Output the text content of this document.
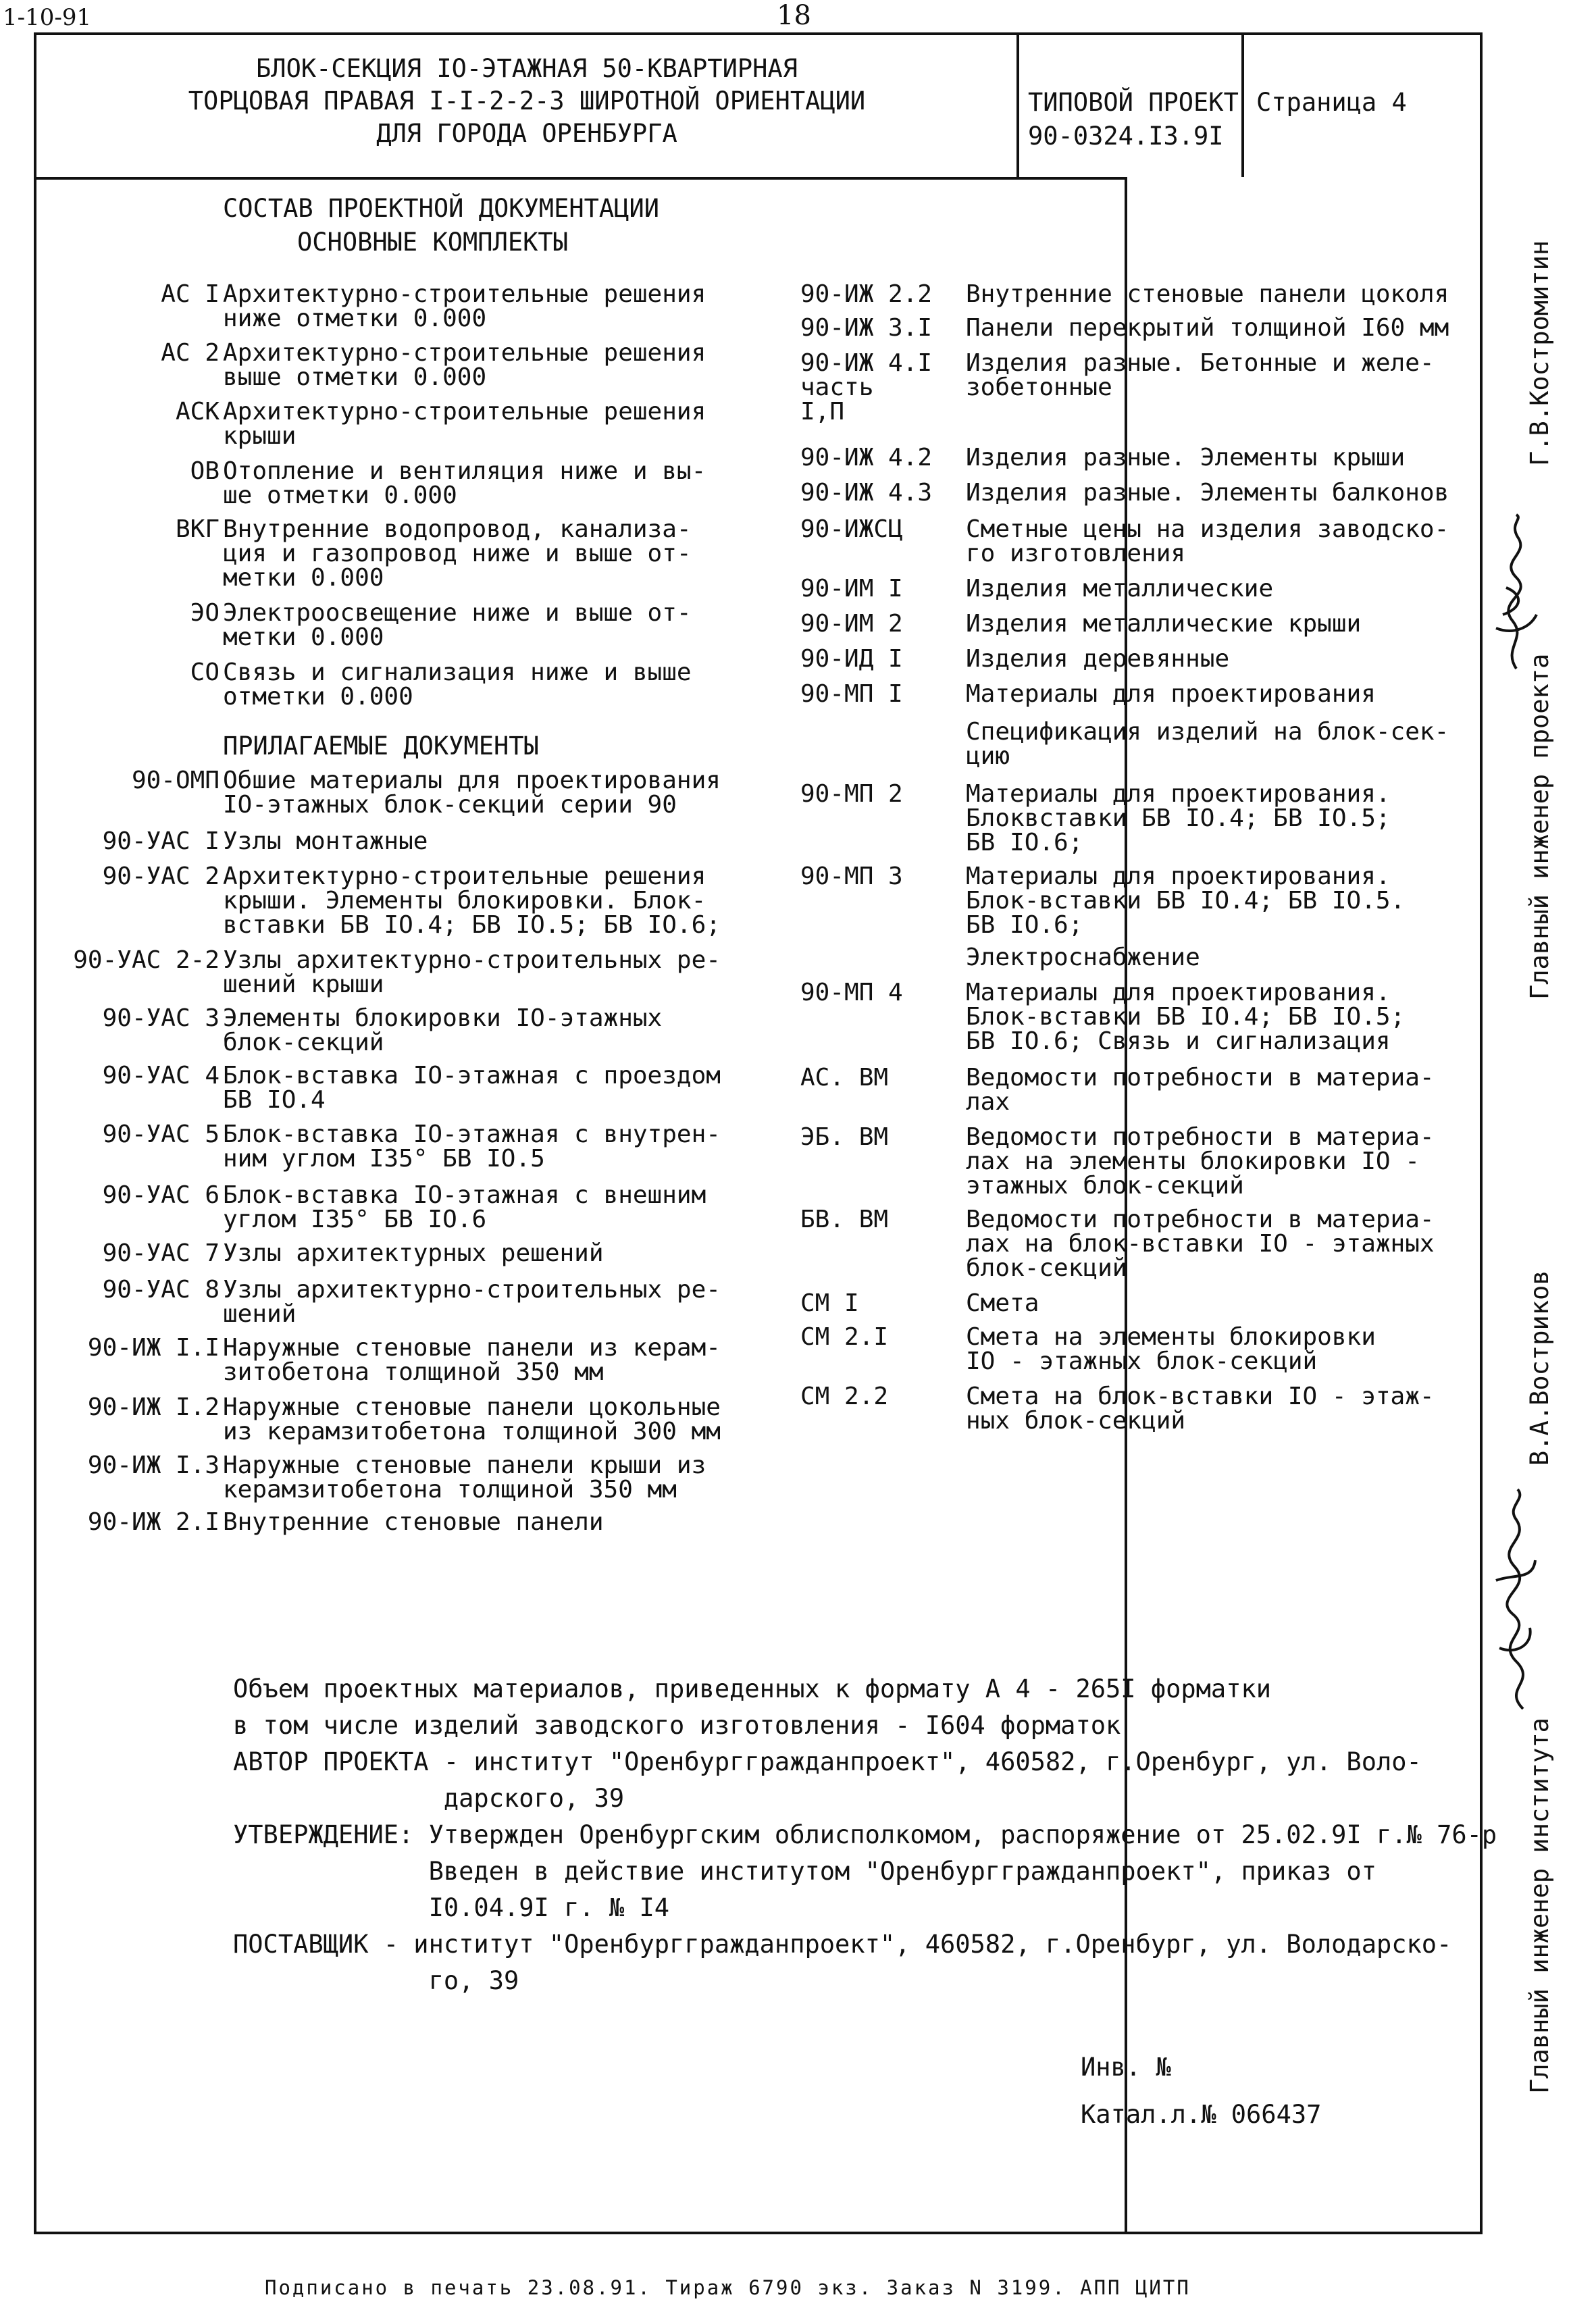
1-10-91	18
БЛОК-СЕКЦИЯ IO-ЭТАЖНАЯ 50-КВАРТИРНАЯ
ТОРЦОВАЯ ПРАВАЯ I-I-2-2-3 ШИРОТНОЙ ОРИЕНТАЦИИ
ДЛЯ ГОРОДА ОРЕНБУРГА
ТИПОВОЙ ПРОЕКТ
90-0324.I3.9I
Страница 4
СОСТАВ ПРОЕКТНОЙ ДОКУМЕНТАЦИИ
ОСНОВНЫЕ КОМПЛЕКТЫ
ПРИЛАГАЕМЫЕ ДОКУМЕНТЫ
АС I Архитектурно-строительные решения
ниже отметки 0.000
АС 2 Архитектурно-строительные решения
выше отметки 0.000
АСК Архитектурно-строительные решения
крыши
ОВ Отопление и вентиляция ниже и вы-
ше отметки 0.000
ВКГ Внутренние водопровод, канализа-
ция и газопровод ниже и выше от-
метки 0.000
ЭО Электроосвещение ниже и выше от-
метки 0.000
СО Связь и сигнализация ниже и выше
отметки 0.000
90-ОМП Обшие материалы для проектирования
IO-этажных блок-секций серии 90
90-УАС I Узлы монтажные
90-УАС 2 Архитектурно-строительные решения
крыши. Элементы блокировки. Блок-
вставки БВ IO.4; БВ IO.5; БВ IO.6;
90-УАС 2-2 Узлы архитектурно-строительных ре-
шений крыши
90-УАС 3 Элементы блокировки IO-этажных
блок-секций
90-УАС 4 Блок-вставка IO-этажная с проездом
БВ IO.4
90-УАС 5 Блок-вставка IO-этажная с внутрен-
ним углом I35° БВ IO.5
90-УАС 6 Блок-вставка IO-этажная с внешним
углом I35° БВ IO.6
90-УАС 7 Узлы архитектурных решений
90-УАС 8 Узлы архитектурно-строительных ре-
шений
90-ИЖ I.I Наружные стеновые панели из керам-
зитобетона толщиной 350 мм
90-ИЖ I.2 Наружные стеновые панели цокольные
из керамзитобетона толщиной 300 мм
90-ИЖ I.3 Наружные стеновые панели крыши из
керамзитобетона толщиной 350 мм
90-ИЖ 2.I Внутренние стеновые панели
90-ИЖ 2.2 Внутренние стеновые панели цоколя
90-ИЖ 3.I Панели перекрытий толщиной I60 мм
90-ИЖ 4.I
часть
I,П
Изделия разные. Бетонные и желе-
зобетонные
90-ИЖ 4.2 Изделия разные. Элементы крыши
90-ИЖ 4.3 Изделия разные. Элементы балконов
90-ИЖСЦ	Сметные цены на изделия заводско-
го изготовления
90-ИМ I	Изделия металлические
90-ИМ 2	Изделия металлические крыши
90-ИД I	Изделия деревянные
90-МП I	Материалы для проектирования
Спецификация изделий на блок-сек-
цию
90-МП 2	Материалы для проектирования.
Блоквставки БВ IO.4; БВ IO.5;
БВ IO.6;
90-МП 3	Материалы для проектирования.
Блок-вставки БВ IO.4; БВ IO.5.
БВ IO.6;
Электроснабжение
90-МП 4	Материалы для проектирования.
Блок-вставки БВ IO.4; БВ IO.5;
БВ IO.6; Связь и сигнализация
АС. ВМ	Ведомости потребности в материа-
лах
ЭБ. ВМ	Ведомости потребности в материа-
лах на элементы блокировки IO -
этажных блок-секций
БВ. ВМ	Ведомости потребности в материа-
лах на блок-вставки IO - этажных
блок-секций
СМ I	Смета
СМ 2.I	Смета на элементы блокировки
IO - этажных блок-секций
СМ 2.2	Смета на блок-вставки IO - этаж-
ных блок-секций
Объем проектных материалов, приведенных к формату А 4 - 265I форматки
в том числе изделий заводского изготовления - I604 форматок
АВТОР ПРОЕКТА - институт "Оренбурггражданпроект", 460582, г.Оренбург, ул. Воло-
дарского, 39
УТВЕРЖДЕНИЕ: Утвержден Оренбургским облисполкомом, распоряжение от 25.02.9I г.№ 76-р
Введен в действие институтом "Оренбурггражданпроект", приказ от
I0.04.9I г. № I4
ПОСТАВЩИК - институт "Оренбурггражданпроект", 460582, г.Оренбург, ул. Володарско-
го, 39
Инв. №
Катал.л.№ 066437
Главный инженер проекта
Г.В.Костромитин
Главный инженер института
В.А.Востриков
Подписано в печать 23.08.91. Тираж 6790 экз. Заказ N 3199. АПП ЦИТП
